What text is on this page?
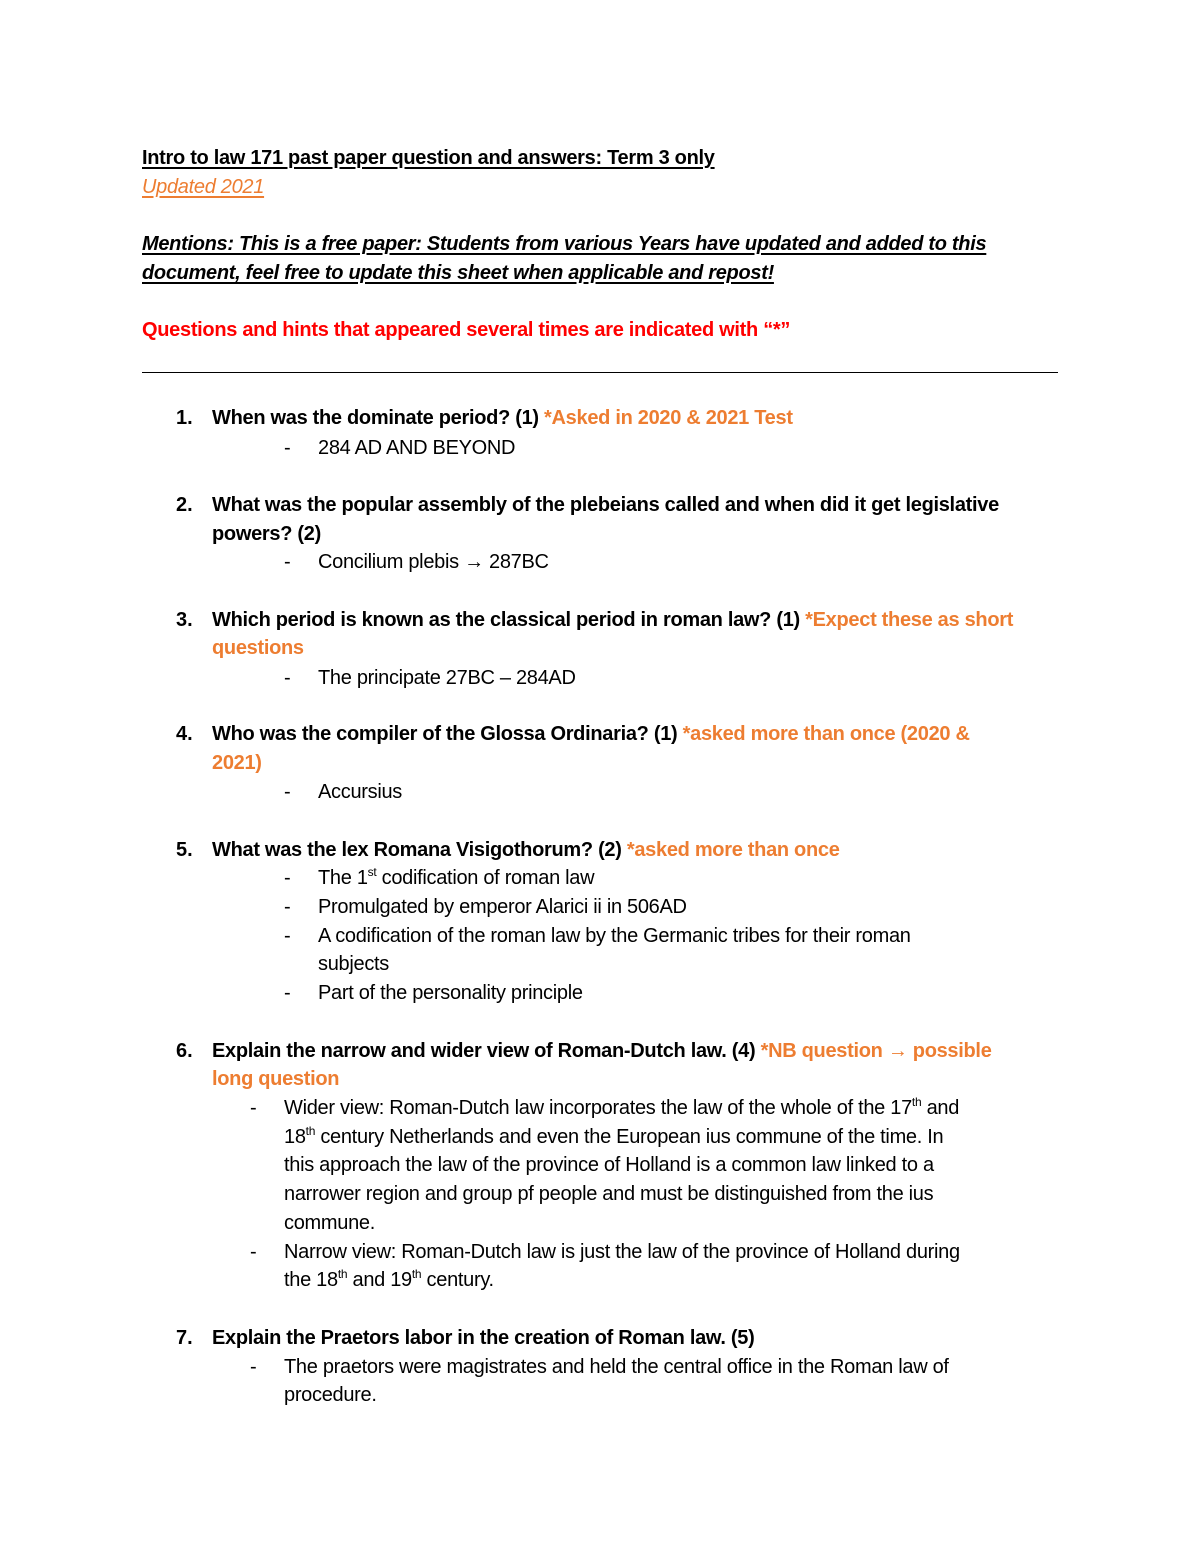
Intro to law 171 past paper question and answers: Term 3 only
Updated 2021
Mentions: This is a free paper: Students from various Years have updated and added to this
document, feel free to update this sheet when applicable and repost!
Questions and hints that appeared several times are indicated with “*”
1. When was the dominate period? (1) *Asked in 2020 & 2021 Test
- 284 AD AND BEYOND
2. What was the popular assembly of the plebeians called and when did it get legislative
powers? (2)
- Concilium plebis → 287BC
3. Which period is known as the classical period in roman law? (1) *Expect these as short
questions
- The principate 27BC – 284AD
4. Who was the compiler of the Glossa Ordinaria? (1) *asked more than once (2020 &
2021)
- Accursius
5. What was the lex Romana Visigothorum? (2) *asked more than once
- The 1st codification of roman law
- Promulgated by emperor Alarici ii in 506AD
- A codification of the roman law by the Germanic tribes for their roman
subjects
- Part of the personality principle
6. Explain the narrow and wider view of Roman-Dutch law. (4) *NB question → possible
long question
- Wider view: Roman-Dutch law incorporates the law of the whole of the 17th and
18th century Netherlands and even the European ius commune of the time. In
this approach the law of the province of Holland is a common law linked to a
narrower region and group pf people and must be distinguished from the ius
commune.
- Narrow view: Roman-Dutch law is just the law of the province of Holland during
the 18th and 19th century.
7. Explain the Praetors labor in the creation of Roman law. (5)
- The praetors were magistrates and held the central office in the Roman law of
procedure.
